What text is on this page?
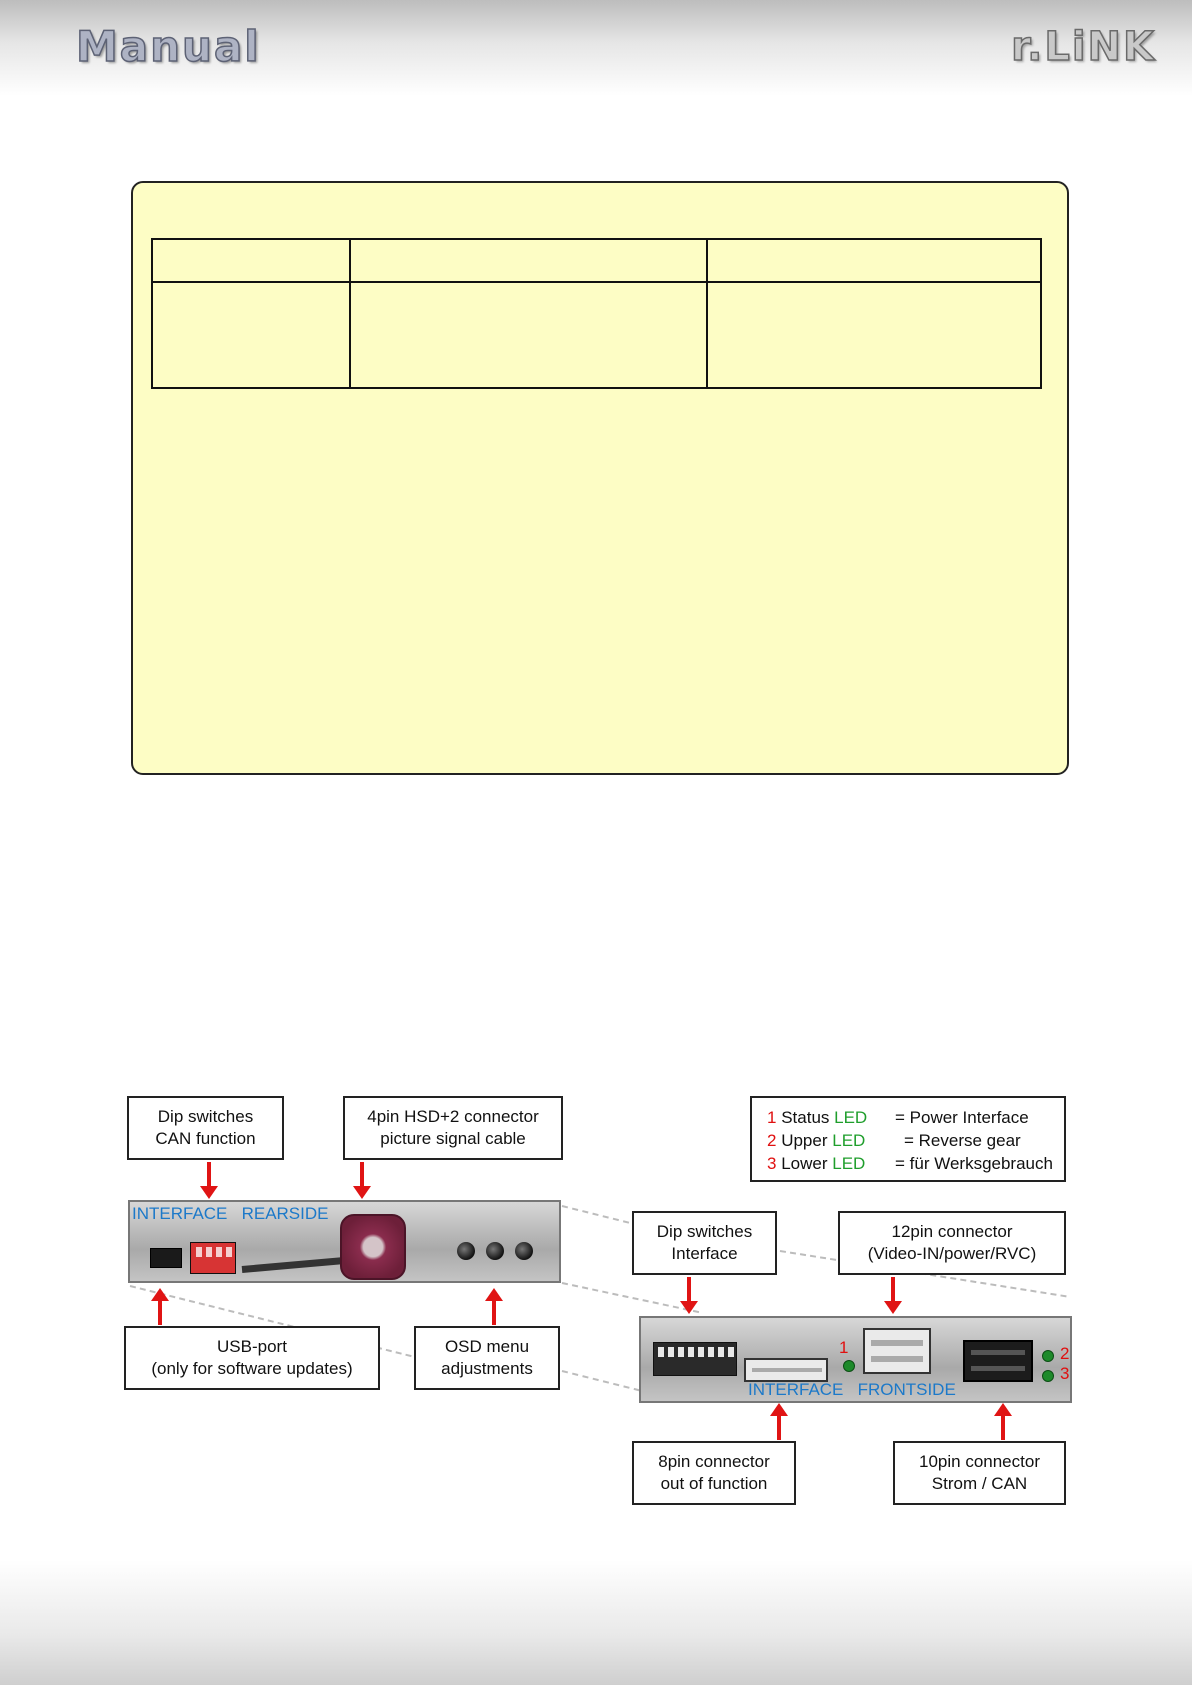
Manual	r.LiNK

Dip switches
CAN function
4pin HSD+2 connector
picture signal cable
1 Status LED = Power Interface
2 Upper LED = Reverse gear
3 Lower LED = für Werksgebrauch
Dip switches
Interface
12pin connector
(Video-IN/power/RVC)
USB-port
(only for software updates)
OSD menu
adjustments
8pin connector
out of function
10pin connector
Strom / CAN
INTERFACE REARSIDE
1	2
3
INTERFACE FRONTSIDE
